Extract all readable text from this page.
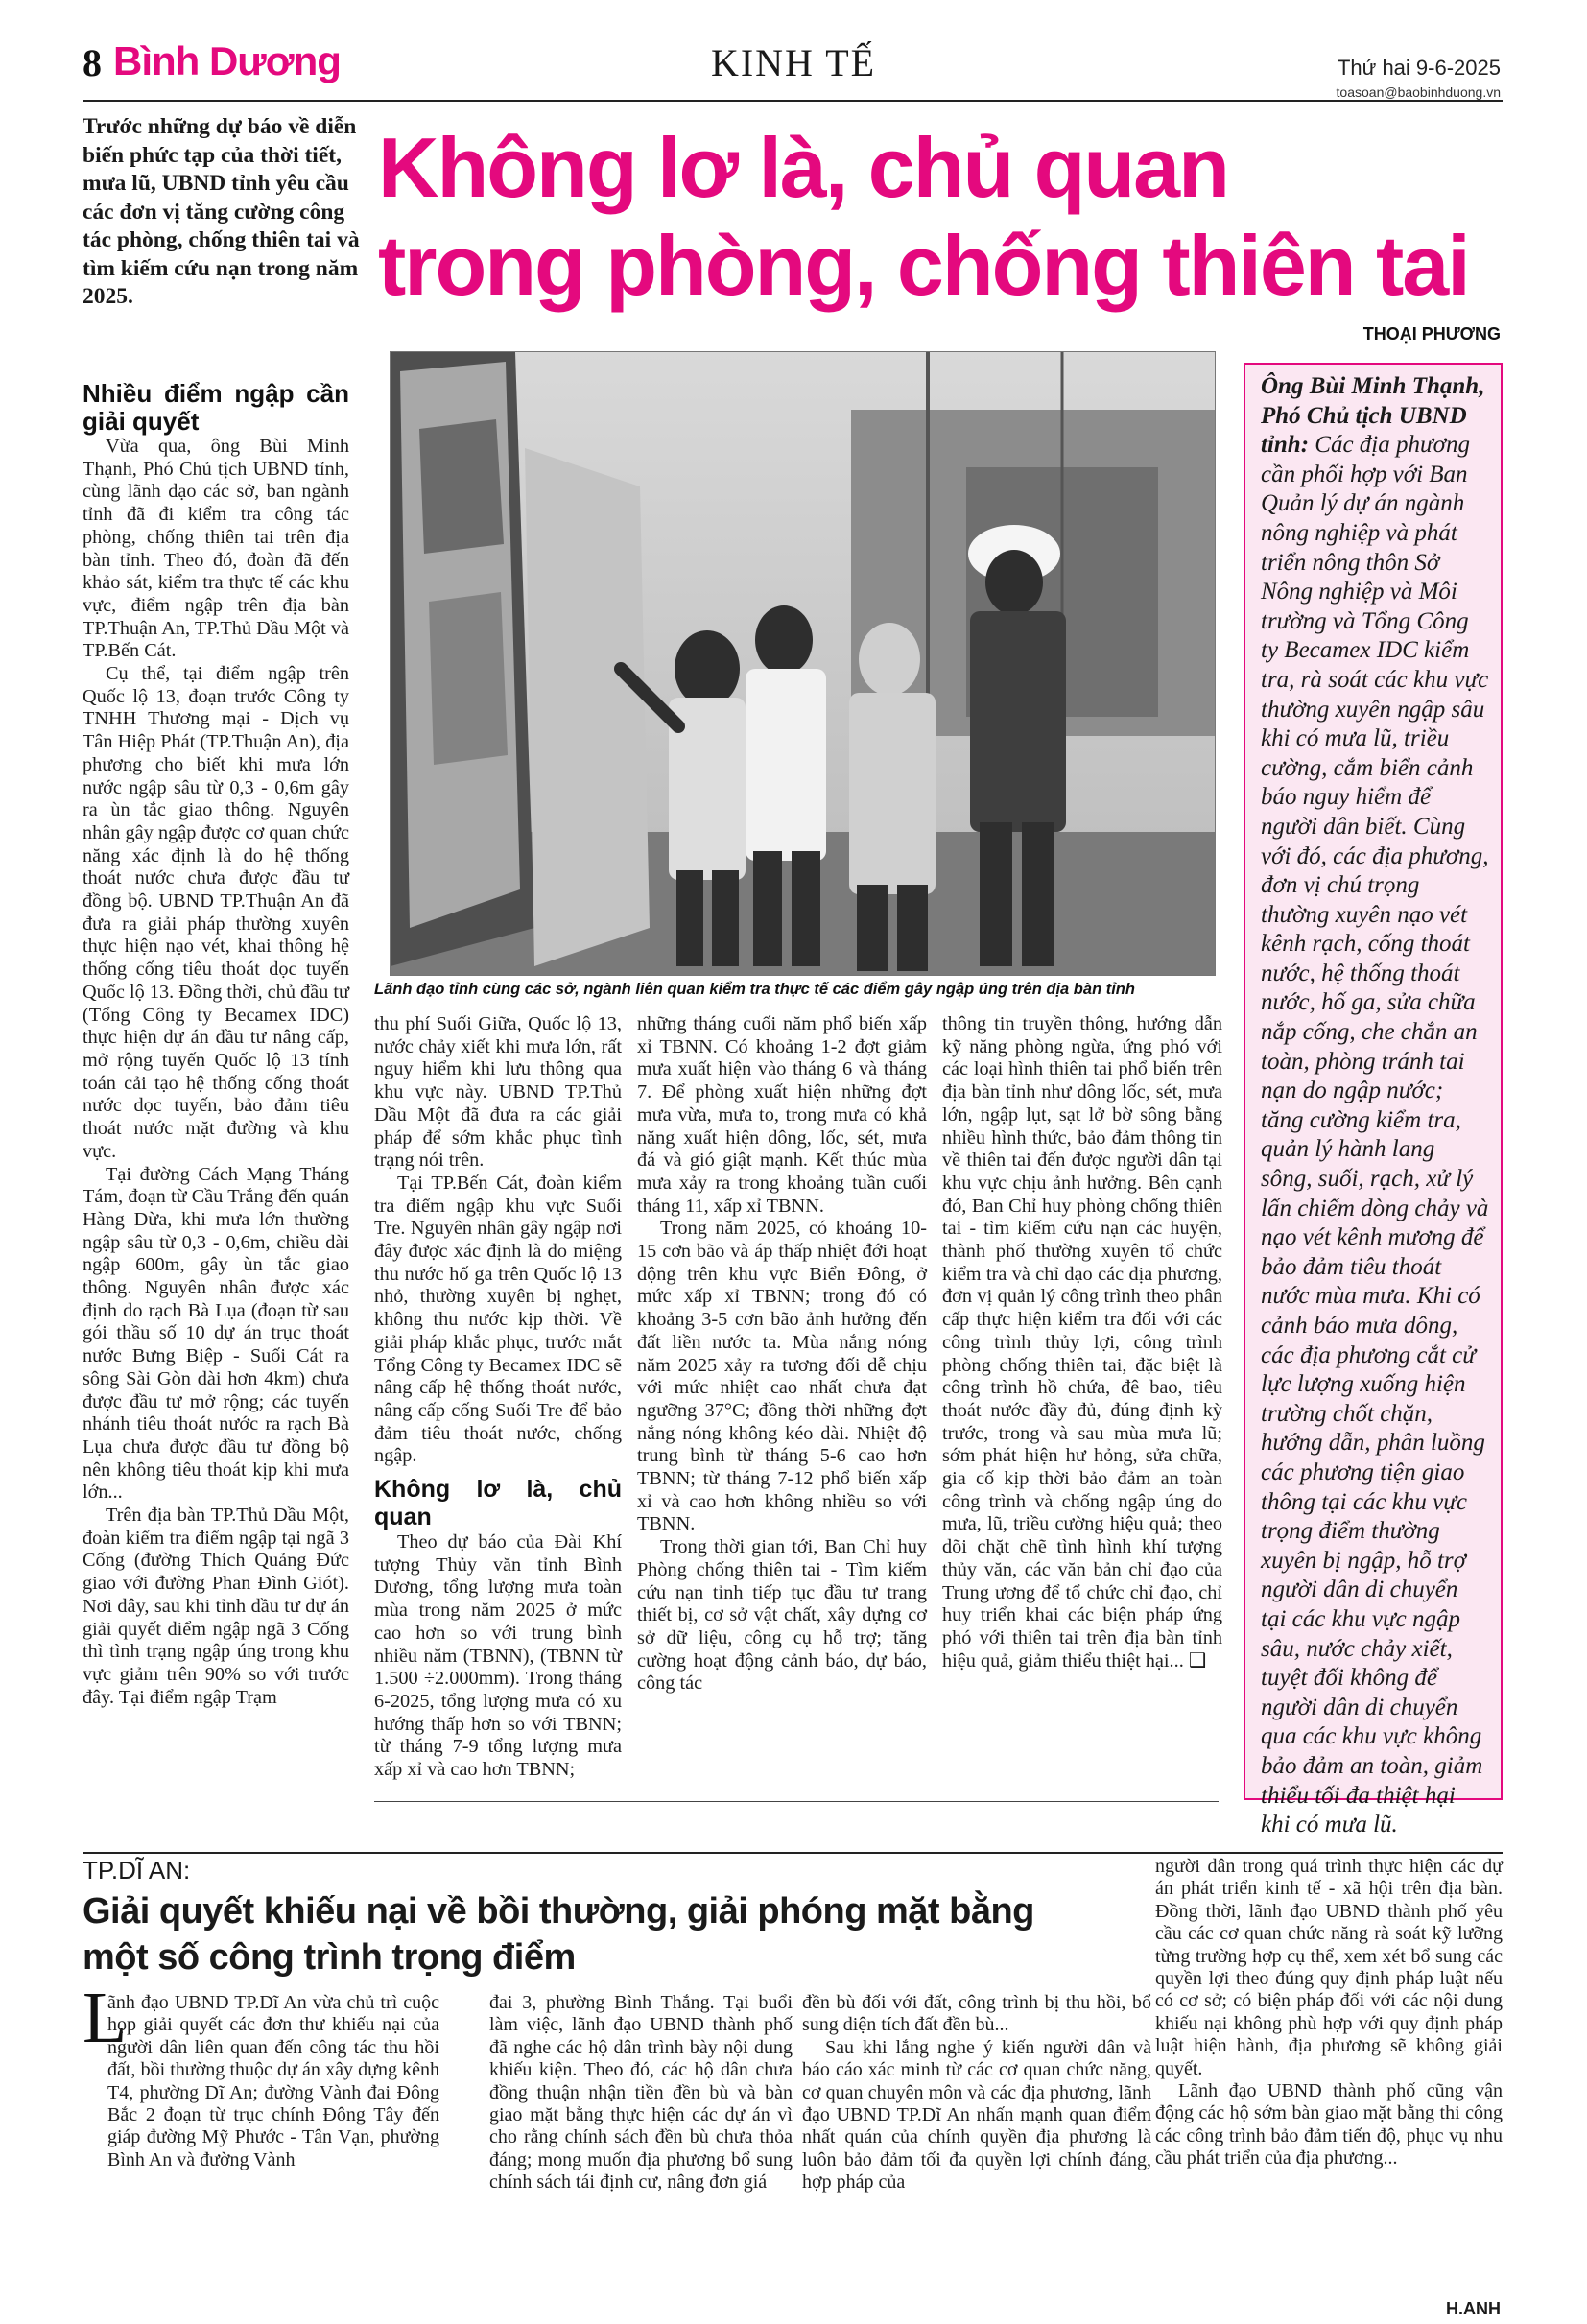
8 Bình Dương	KINH TẾ	Thứ hai 9-6-2025
toasoan@baobinhduong.vn
Trước những dự báo về diễn biến phức tạp của thời tiết, mưa lũ, UBND tỉnh yêu cầu các đơn vị tăng cường công tác phòng, chống thiên tai và tìm kiếm cứu nạn trong năm 2025.
Không lơ là, chủ quan
trong phòng, chống thiên tai
THOẠI PHƯƠNG
Lãnh đạo tỉnh cùng các sở, ngành liên quan kiểm tra thực tế các điểm gây ngập úng trên địa bàn tỉnh
Nhiều điểm ngập cần giải quyết

Vừa qua, ông Bùi Minh Thạnh, Phó Chủ tịch UBND tỉnh, cùng lãnh đạo các sở, ban ngành tỉnh đã đi kiểm tra công tác phòng, chống thiên tai trên địa bàn tỉnh. Theo đó, đoàn đã đến khảo sát, kiểm tra thực tế các khu vực, điểm ngập trên địa bàn TP.Thuận An, TP.Thủ Dầu Một và TP.Bến Cát.

Cụ thể, tại điểm ngập trên Quốc lộ 13, đoạn trước Công ty TNHH Thương mại - Dịch vụ Tân Hiệp Phát (TP.Thuận An), địa phương cho biết khi mưa lớn nước ngập sâu từ 0,3 - 0,6m gây ra ùn tắc giao thông. Nguyên nhân gây ngập được cơ quan chức năng xác định là do hệ thống thoát nước chưa được đầu tư đồng bộ. UBND TP.Thuận An đã đưa ra giải pháp thường xuyên thực hiện nạo vét, khai thông hệ thống cống tiêu thoát dọc tuyến Quốc lộ 13. Đồng thời, chủ đầu tư (Tổng Công ty Becamex IDC) thực hiện dự án đầu tư nâng cấp, mở rộng tuyến Quốc lộ 13 tính toán cải tạo hệ thống cống thoát nước dọc tuyến, bảo đảm tiêu thoát nước mặt đường và khu vực.

Tại đường Cách Mạng Tháng Tám, đoạn từ Cầu Trắng đến quán Hàng Dừa, khi mưa lớn thường ngập sâu từ 0,3 - 0,6m, chiều dài ngập 600m, gây ùn tắc giao thông. Nguyên nhân được xác định do rạch Bà Lụa (đoạn từ sau gói thầu số 10 dự án trục thoát nước Bưng Biệp - Suối Cát ra sông Sài Gòn dài hơn 4km) chưa được đầu tư mở rộng; các tuyến nhánh tiêu thoát nước ra rạch Bà Lụa chưa được đầu tư đồng bộ nên không tiêu thoát kịp khi mưa lớn...

Trên địa bàn TP.Thủ Dầu Một, đoàn kiểm tra điểm ngập tại ngã 3 Cống (đường Thích Quảng Đức giao với đường Phan Đình Giót). Nơi đây, sau khi tỉnh đầu tư dự án giải quyết điểm ngập ngã 3 Cống thì tình trạng ngập úng trong khu vực giảm trên 90% so với trước đây. Tại điểm ngập Trạm

thu phí Suối Giữa, Quốc lộ 13, nước chảy xiết khi mưa lớn, rất nguy hiểm khi lưu thông qua khu vực này. UBND TP.Thủ Dầu Một đã đưa ra các giải pháp để sớm khắc phục tình trạng nói trên.

Tại TP.Bến Cát, đoàn kiểm tra điểm ngập khu vực Suối Tre. Nguyên nhân gây ngập nơi đây được xác định là do miệng thu nước hố ga trên Quốc lộ 13 nhỏ, thường xuyên bị nghẹt, không thu nước kịp thời. Về giải pháp khắc phục, trước mắt Tổng Công ty Becamex IDC sẽ nâng cấp hệ thống thoát nước, nâng cấp cống Suối Tre để bảo đảm tiêu thoát nước, chống ngập.

Không lơ là, chủ quan

Theo dự báo của Đài Khí tượng Thủy văn tỉnh Bình Dương, tổng lượng mưa toàn mùa trong năm 2025 ở mức cao hơn so với trung bình nhiều năm (TBNN), (TBNN từ 1.500 ÷2.000mm). Trong tháng 6-2025, tổng lượng mưa có xu hướng thấp hơn so với TBNN; từ tháng 7-9 tổng lượng mưa xấp xỉ và cao hơn TBNN;

những tháng cuối năm phổ biến xấp xỉ TBNN. Có khoảng 1-2 đợt giảm mưa xuất hiện vào tháng 6 và tháng 7. Để phòng xuất hiện những đợt mưa vừa, mưa to, trong mưa có khả năng xuất hiện dông, lốc, sét, mưa đá và gió giật mạnh. Kết thúc mùa mưa xảy ra trong khoảng tuần cuối tháng 11, xấp xỉ TBNN.

Trong năm 2025, có khoảng 10-15 cơn bão và áp thấp nhiệt đới hoạt động trên khu vực Biển Đông, ở mức xấp xỉ TBNN; trong đó có khoảng 3-5 cơn bão ảnh hưởng đến đất liền nước ta. Mùa nắng nóng năm 2025 xảy ra tương đối dễ chịu với mức nhiệt cao nhất chưa đạt ngưỡng 37°C; đồng thời những đợt nắng nóng không kéo dài. Nhiệt độ trung bình từ tháng 5-6 cao hơn TBNN; từ tháng 7-12 phổ biến xấp xỉ và cao hơn không nhiều so với TBNN.

Trong thời gian tới, Ban Chỉ huy Phòng chống thiên tai - Tìm kiếm cứu nạn tỉnh tiếp tục đầu tư trang thiết bị, cơ sở vật chất, xây dựng cơ sở dữ liệu, công cụ hỗ trợ; tăng cường hoạt động cảnh báo, dự báo, công tác

thông tin truyền thông, hướng dẫn kỹ năng phòng ngừa, ứng phó với các loại hình thiên tai phổ biến trên địa bàn tỉnh như dông lốc, sét, mưa lớn, ngập lụt, sạt lở bờ sông bằng nhiều hình thức, bảo đảm thông tin về thiên tai đến được người dân tại khu vực chịu ảnh hưởng. Bên cạnh đó, Ban Chỉ huy phòng chống thiên tai - tìm kiếm cứu nạn các huyện, thành phố thường xuyên tổ chức kiểm tra và chỉ đạo các địa phương, đơn vị quản lý công trình theo phân cấp thực hiện kiểm tra đối với các công trình thủy lợi, công trình phòng chống thiên tai, đặc biệt là công trình hồ chứa, đê bao, tiêu thoát nước đầy đủ, đúng định kỳ trước, trong và sau mùa mưa lũ; sớm phát hiện hư hỏng, sửa chữa, gia cố kịp thời bảo đảm an toàn công trình và chống ngập úng do mưa, lũ, triều cường hiệu quả; theo dõi chặt chẽ tình hình khí tượng thủy văn, các văn bản chỉ đạo của Trung ương để tổ chức chỉ đạo, chỉ huy triển khai các biện pháp ứng phó với thiên tai trên địa bàn tỉnh hiệu quả, giảm thiểu thiệt hại... ❑

Ông Bùi Minh Thạnh, Phó Chủ tịch UBND tỉnh: Các địa phương cần phối hợp với Ban Quản lý dự án ngành nông nghiệp và phát triển nông thôn Sở Nông nghiệp và Môi trường và Tổng Công ty Becamex IDC kiểm tra, rà soát các khu vực thường xuyên ngập sâu khi có mưa lũ, triều cường, cắm biển cảnh báo nguy hiểm để người dân biết. Cùng với đó, các địa phương, đơn vị chú trọng thường xuyên nạo vét kênh rạch, cống thoát nước, hệ thống thoát nước, hố ga, sửa chữa nắp cống, che chắn an toàn, phòng tránh tai nạn do ngập nước; tăng cường kiểm tra, quản lý hành lang sông, suối, rạch, xử lý lấn chiếm dòng chảy và nạo vét kênh mương để bảo đảm tiêu thoát nước mùa mưa. Khi có cảnh báo mưa dông, các địa phương cắt cử lực lượng xuống hiện trường chốt chặn, hướng dẫn, phân luồng các phương tiện giao thông tại các khu vực trọng điểm thường xuyên bị ngập, hỗ trợ người dân di chuyển tại các khu vực ngập sâu, nước chảy xiết, tuyệt đối không để người dân di chuyển qua các khu vực không bảo đảm an toàn, giảm thiểu tối đa thiệt hại khi có mưa lũ.
TP.DĨ AN:
Giải quyết khiếu nại về bồi thường, giải phóng mặt bằng
một số công trình trọng điểm
L

ãnh đạo UBND TP.Dĩ An vừa chủ trì cuộc họp giải quyết các đơn thư khiếu nại của người dân liên quan đến công tác thu hồi đất, bồi thường thuộc dự án xây dựng kênh T4, phường Dĩ An; đường Vành đai Đông Bắc 2 đoạn từ trục chính Đông Tây đến giáp đường Mỹ Phước - Tân Vạn, phường Bình An và đường Vành

đai 3, phường Bình Thắng. Tại buổi làm việc, lãnh đạo UBND thành phố đã nghe các hộ dân trình bày nội dung khiếu kiện. Theo đó, các hộ dân chưa đồng thuận nhận tiền đền bù và bàn giao mặt bằng thực hiện các dự án vì cho rằng chính sách đền bù chưa thỏa đáng; mong muốn địa phương bổ sung chính sách tái định cư, nâng đơn giá

đền bù đối với đất, công trình bị thu hồi, bổ sung diện tích đất đền bù...

Sau khi lắng nghe ý kiến người dân và báo cáo xác minh từ các cơ quan chức năng, cơ quan chuyên môn và các địa phương, lãnh đạo UBND TP.Dĩ An nhấn mạnh quan điểm nhất quán của chính quyền địa phương là luôn bảo đảm tối đa quyền lợi chính đáng, hợp pháp của

người dân trong quá trình thực hiện các dự án phát triển kinh tế - xã hội trên địa bàn. Đồng thời, lãnh đạo UBND thành phố yêu cầu các cơ quan chức năng rà soát kỹ lưỡng từng trường hợp cụ thể, xem xét bổ sung các quyền lợi theo đúng quy định pháp luật nếu có cơ sở; có biện pháp đối với các nội dung khiếu nại không phù hợp với quy định pháp luật hiện hành, địa phương sẽ không giải quyết.

Lãnh đạo UBND thành phố cũng vận động các hộ sớm bàn giao mặt bằng thi công các công trình bảo đảm tiến độ, phục vụ nhu cầu phát triển của địa phương...

H.ANH
